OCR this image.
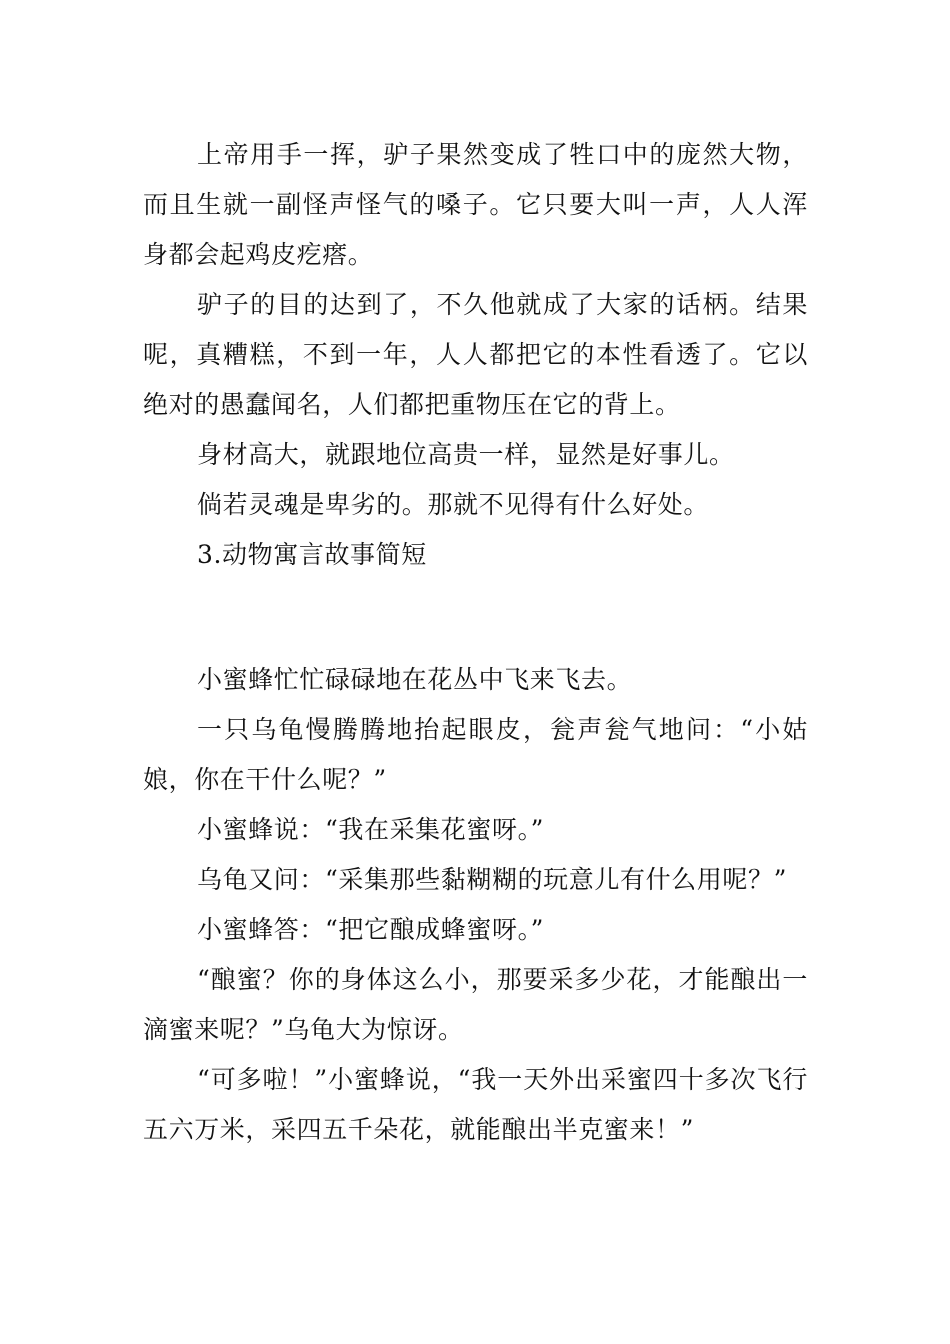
上帝用手一挥，驴子果然变成了牲口中的庞然大物，而且生就一副怪声怪气的嗓子。它只要大叫一声，人人浑身都会起鸡皮疙瘩。

驴子的目的达到了，不久他就成了大家的话柄。结果呢，真糟糕，不到一年，人人都把它的本性看透了。它以绝对的愚蠢闻名，人们都把重物压在它的背上。

身材高大，就跟地位高贵一样，显然是好事儿。

倘若灵魂是卑劣的。那就不见得有什么好处。

3.动物寓言故事简短

小蜜蜂忙忙碌碌地在花丛中飞来飞去。

一只乌龟慢腾腾地抬起眼皮，瓮声瓮气地问：“小姑娘，你在干什么呢？”

小蜜蜂说：“我在采集花蜜呀。”

乌龟又问：“采集那些黏糊糊的玩意儿有什么用呢？”

小蜜蜂答：“把它酿成蜂蜜呀。”

“酿蜜？你的身体这么小，那要采多少花，才能酿出一滴蜜来呢？”乌龟大为惊讶。

“可多啦！”小蜜蜂说，“我一天外出采蜜四十多次飞行五六万米，采四五千朵花，就能酿出半克蜜来！”
